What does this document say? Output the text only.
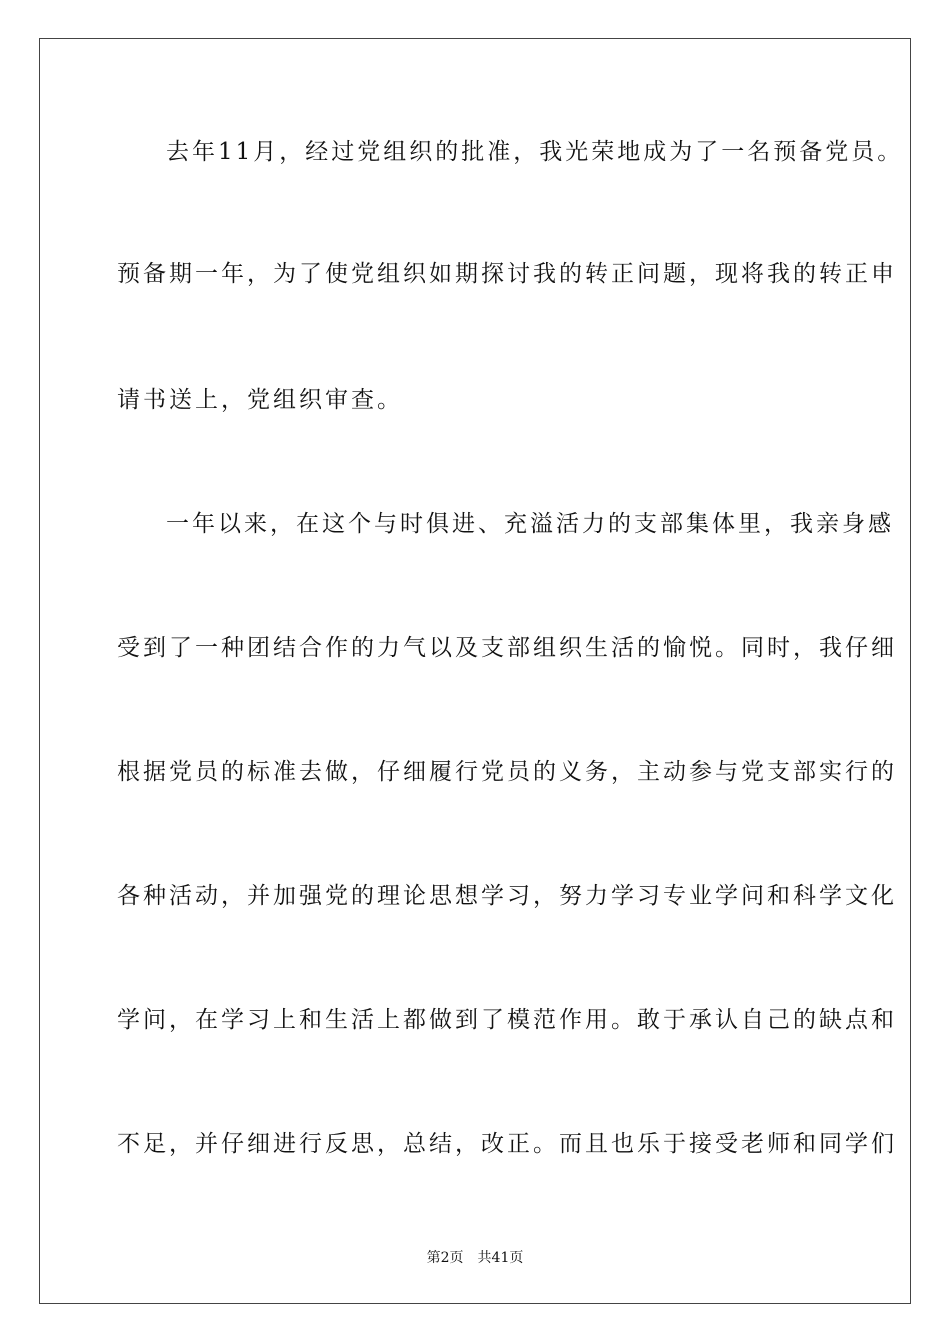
去年11月，经过党组织的批准，我光荣地成为了一名预备党员。
预备期一年，为了使党组织如期探讨我的转正问题，现将我的转正申
请书送上，党组织审查。
一年以来，在这个与时俱进、充溢活力的支部集体里，我亲身感
受到了一种团结合作的力气以及支部组织生活的愉悦。同时，我仔细
根据党员的标准去做，仔细履行党员的义务，主动参与党支部实行的
各种活动，并加强党的理论思想学习，努力学习专业学问和科学文化
学问，在学习上和生活上都做到了模范作用。敢于承认自己的缺点和
不足，并仔细进行反思，总结，改正。而且也乐于接受老师和同学们
第2页 共41页
